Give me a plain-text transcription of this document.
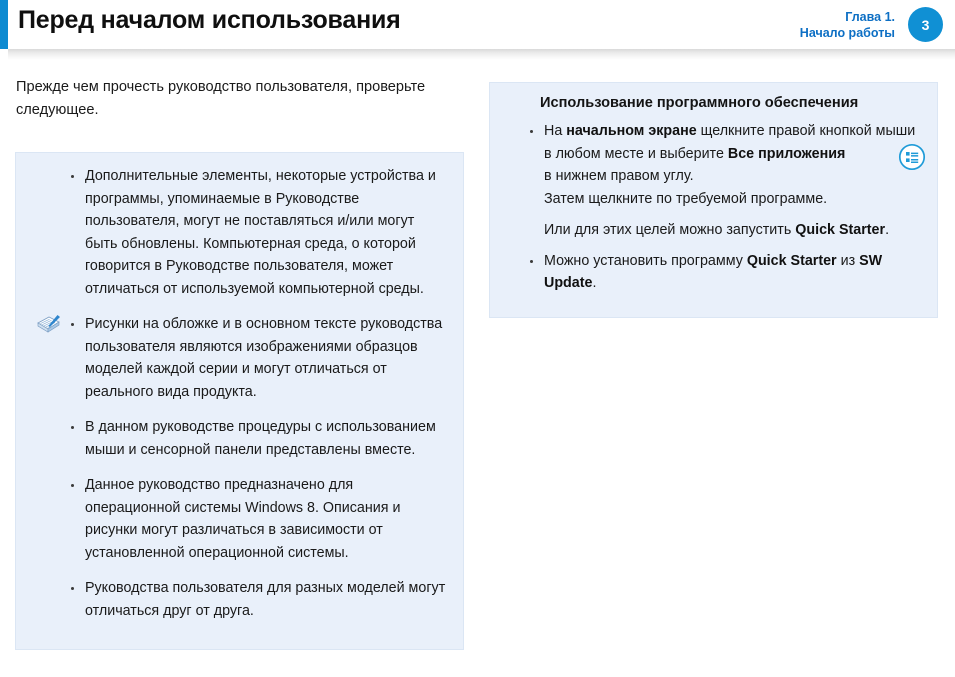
Перед началом использования	Глава 1.
Начало работы
3
Прежде чем прочесть руководство пользователя, проверьте следующее.
Дополнительные элементы, некоторые устройства и программы, упоминаемые в Руководстве пользователя, могут не поставляться и/или могут быть обновлены. Компьютерная среда, о которой говорится в Руководстве пользователя, может отличаться от используемой компьютерной среды.
Рисунки на обложке и в основном тексте руководства пользователя являются изображениями образцов моделей каждой серии и могут отличаться от реального вида продукта.
В данном руководстве процедуры с использованием мыши и сенсорной панели представлены вместе.
Данное руководство предназначено для операционной системы Windows 8. Описания и рисунки могут различаться в зависимости от установленной операционной системы.
Руководства пользователя для разных моделей могут отличаться друг от друга.
Использование программного обеспечения
На начальном экране щелкните правой кнопкой мыши в любом месте и выберите Все приложения
в нижнем правом углу.
Затем щелкните по требуемой программе.
Или для этих целей можно запустить Quick Starter.
Можно установить программу Quick Starter из SW Update.
